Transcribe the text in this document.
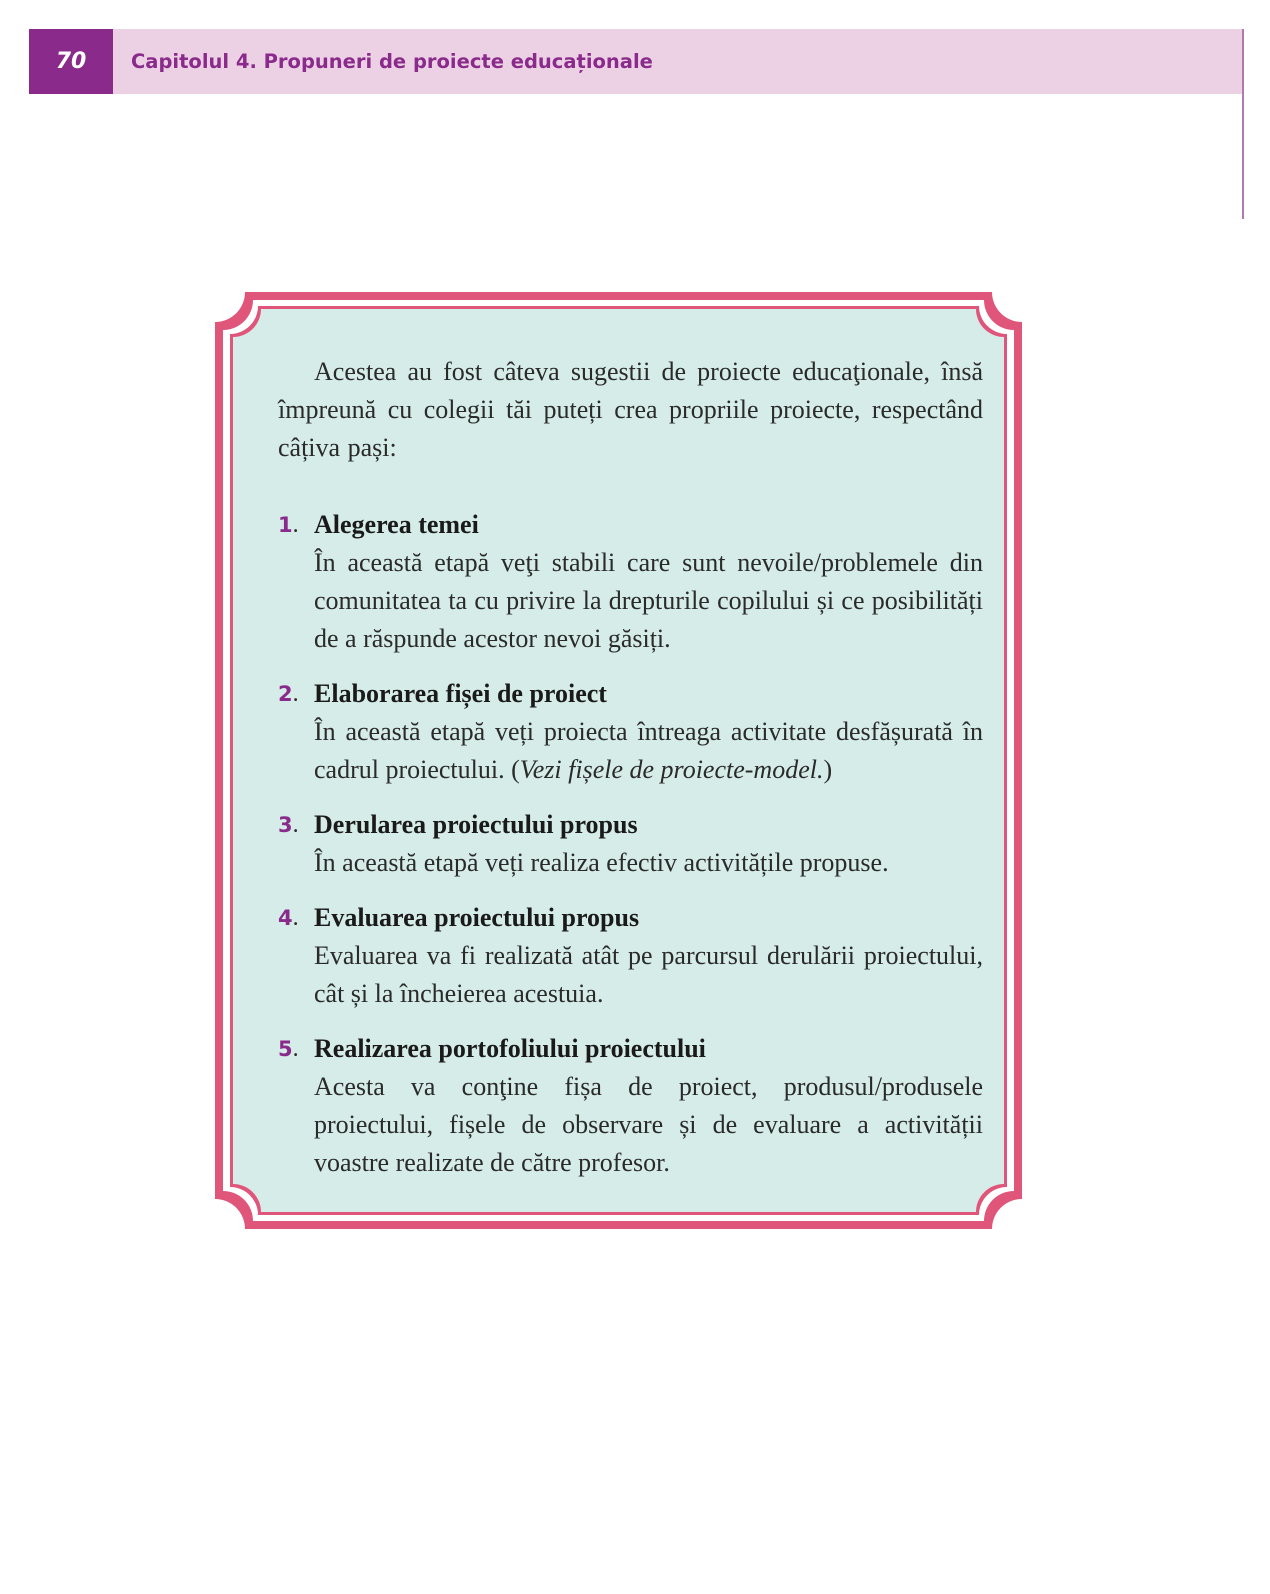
70	Capitolul 4. Propuneri de proiecte educaționale

Acestea au fost câteva sugestii de proiecte educaţionale, însă împreună cu colegii tăi puteți crea propriile proiecte, respectând câțiva pași:

1. Alegerea temei
În această etapă veţi stabili care sunt nevoile/problemele din comunitatea ta cu privire la drepturile copilului și ce posibilități de a răspunde acestor nevoi găsiți.
2. Elaborarea fișei de proiect
În această etapă veți proiecta întreaga activitate desfășurată în cadrul proiectului. (Vezi fișele de proiecte-model.)
3. Derularea proiectului propus
În această etapă veți realiza efectiv activitățile propuse.
4. Evaluarea proiectului propus
Evaluarea va fi realizată atât pe parcursul derulării proiectului, cât și la încheierea acestuia.
5. Realizarea portofoliului proiectului
Acesta va conţine fișa de proiect, produsul/produsele proiectului, fișele de observare și de evaluare a activității voastre realizate de către profesor.
